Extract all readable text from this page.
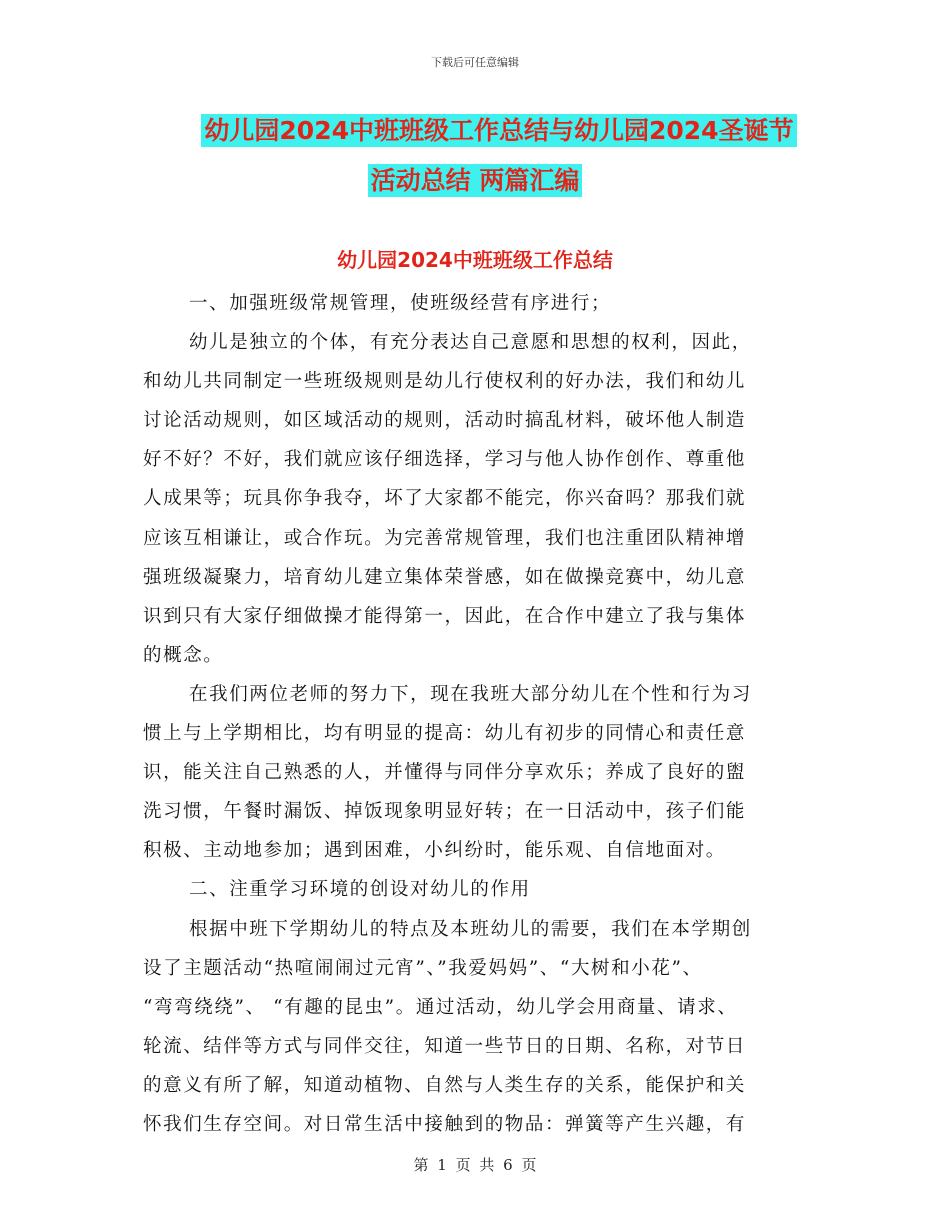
下载后可任意编辑
幼儿园2024中班班级工作总结与幼儿园2024圣诞节
活动总结 两篇汇编
幼儿园2024中班班级工作总结

一、加强班级常规管理，使班级经营有序进行；

幼儿是独立的个体，有充分表达自己意愿和思想的权利，因此，

和幼儿共同制定一些班级规则是幼儿行使权利的好办法，我们和幼儿

讨论活动规则，如区域活动的规则，活动时搞乱材料，破坏他人制造

好不好？不好，我们就应该仔细选择，学习与他人协作创作、尊重他

人成果等；玩具你争我夺，坏了大家都不能完，你兴奋吗？那我们就

应该互相谦让，或合作玩。为完善常规管理，我们也注重团队精神增

强班级凝聚力，培育幼儿建立集体荣誉感，如在做操竞赛中，幼儿意

识到只有大家仔细做操才能得第一，因此，在合作中建立了我与集体

的概念。

在我们两位老师的努力下，现在我班大部分幼儿在个性和行为习

惯上与上学期相比，均有明显的提高：幼儿有初步的同情心和责任意

识，能关注自己熟悉的人，并懂得与同伴分享欢乐；养成了良好的盥

洗习惯，午餐时漏饭、掉饭现象明显好转；在一日活动中，孩子们能

积极、主动地参加；遇到困难，小纠纷时，能乐观、自信地面对。

二、注重学习环境的创设对幼儿的作用

根据中班下学期幼儿的特点及本班幼儿的需要，我们在本学期创

设了主题活动“热喧闹闹过元宵”、”我爱妈妈”、“大树和小花”、

“弯弯绕绕”、 “有趣的昆虫”。通过活动，幼儿学会用商量、请求、

轮流、结伴等方式与同伴交往，知道一些节日的日期、名称，对节日

的意义有所了解，知道动植物、自然与人类生存的关系，能保护和关

怀我们生存空间。对日常生活中接触到的物品：弹簧等产生兴趣，有

第 1 页 共 6 页
